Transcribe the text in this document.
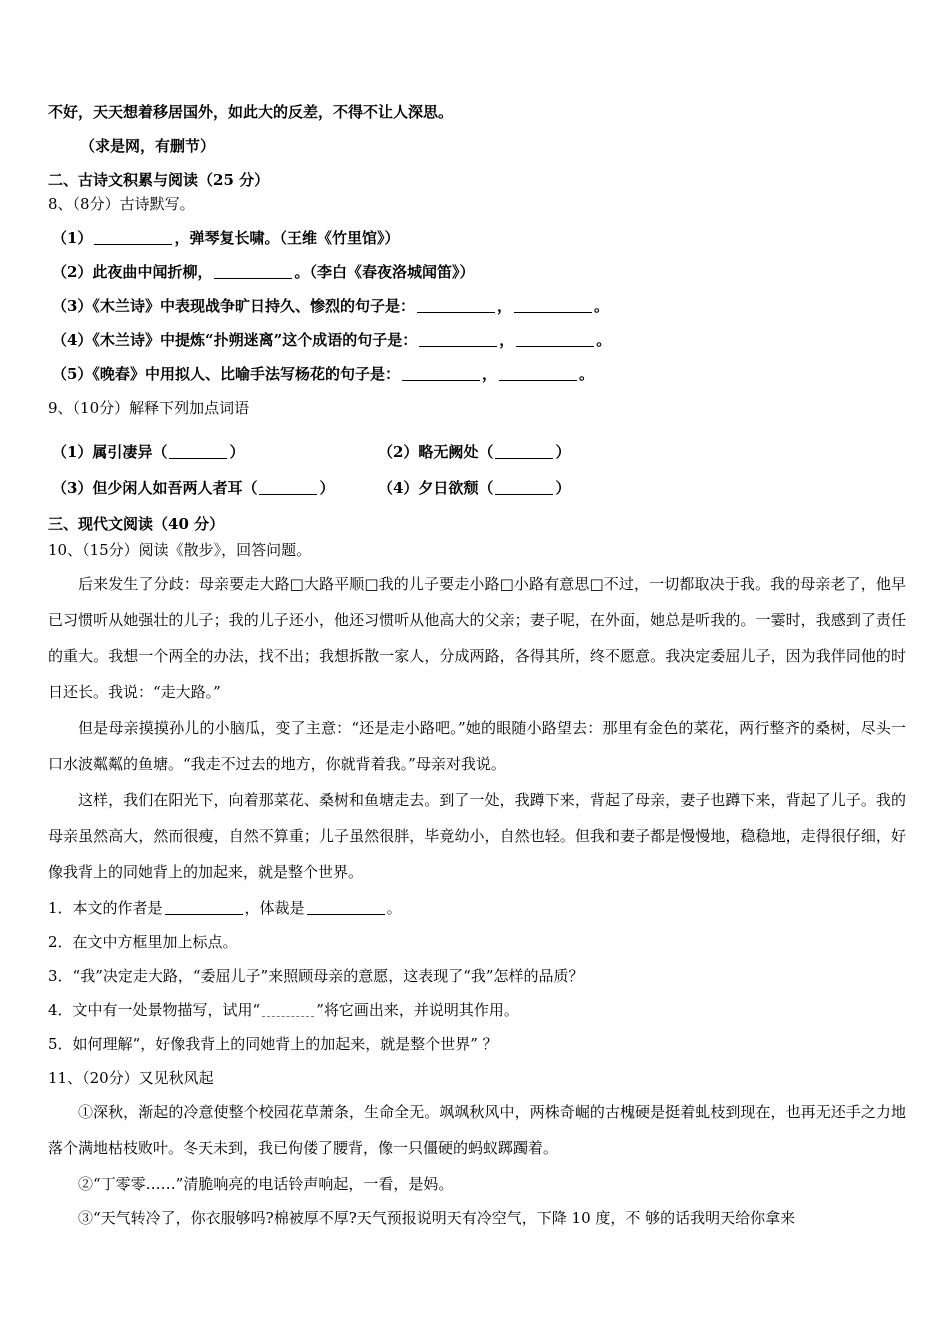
不好，天天想着移居国外，如此大的反差，不得不让人深思。
（求是网，有删节）
二、古诗文积累与阅读（25 分）
8、（8分）古诗默写。
（1）	，弹琴复长啸。（王维《竹里馆》）
（2）此夜曲中闻折柳，	。（李白《春夜洛城闻笛》）
（3）《木兰诗》中表现战争旷日持久、惨烈的句子是：	，	。
（4）《木兰诗》中提炼“扑朔迷离”这个成语的句子是：	，	。
（5）《晚春》中用拟人、比喻手法写杨花的句子是：	，	。
9、（10分）解释下列加点词语
（1）属引凄异（	）	（2）略无阙处（	）
（3）但少闲人如吾两人者耳（	）	（4）夕日欲颓（	）
三、现代文阅读（40 分）
10、（15分）阅读《散步》，回答问题。
后来发生了分歧：母亲要走大路□大路平顺□我的儿子要走小路□小路有意思□不过，一切都取决于我。我的母亲老了，他早已习惯听从她强壮的儿子；我的儿子还小，他还习惯听从他高大的父亲；妻子呢，在外面，她总是听我的。一霎时，我感到了责任的重大。我想一个两全的办法，找不出；我想拆散一家人，分成两路，各得其所，终不愿意。我决定委屈儿子，因为我伴同他的时日还长。我说：“走大路。”
但是母亲摸摸孙儿的小脑瓜，变了主意：“还是走小路吧。”她的眼随小路望去：那里有金色的菜花，两行整齐的桑树，尽头一口水波粼粼的鱼塘。“我走不过去的地方，你就背着我。”母亲对我说。
这样，我们在阳光下，向着那菜花、桑树和鱼塘走去。到了一处，我蹲下来，背起了母亲，妻子也蹲下来，背起了儿子。我的母亲虽然高大，然而很瘦，自然不算重；儿子虽然很胖，毕竟幼小，自然也轻。但我和妻子都是慢慢地，稳稳地，走得很仔细，好像我背上的同她背上的加起来，就是整个世界。
1．本文的作者是	，体裁是	。
2．在文中方框里加上标点。
3．“我”决定走大路，“委屈儿子”来照顾母亲的意愿，这表现了“我”怎样的品质？
4．文中有一处景物描写，试用“	”将它画出来，并说明其作用。
5．如何理解“，好像我背上的同她背上的加起来，就是整个世界” ？
11、（20分）又见秋风起
①深秋，渐起的冷意使整个校园花草萧条，生命全无。飒飒秋风中，两株奇崛的古槐硬是挺着虬枝到现在，也再无还手之力地落个满地枯枝败叶。冬天未到，我已佝偻了腰背，像一只僵硬的蚂蚁踯躅着。
②“丁零零……”清脆响亮的电话铃声响起，一看，是妈。
③“天气转冷了，你衣服够吗?棉被厚不厚?天气预报说明天有冷空气，下降 10 度，不 够的话我明天给你拿来
